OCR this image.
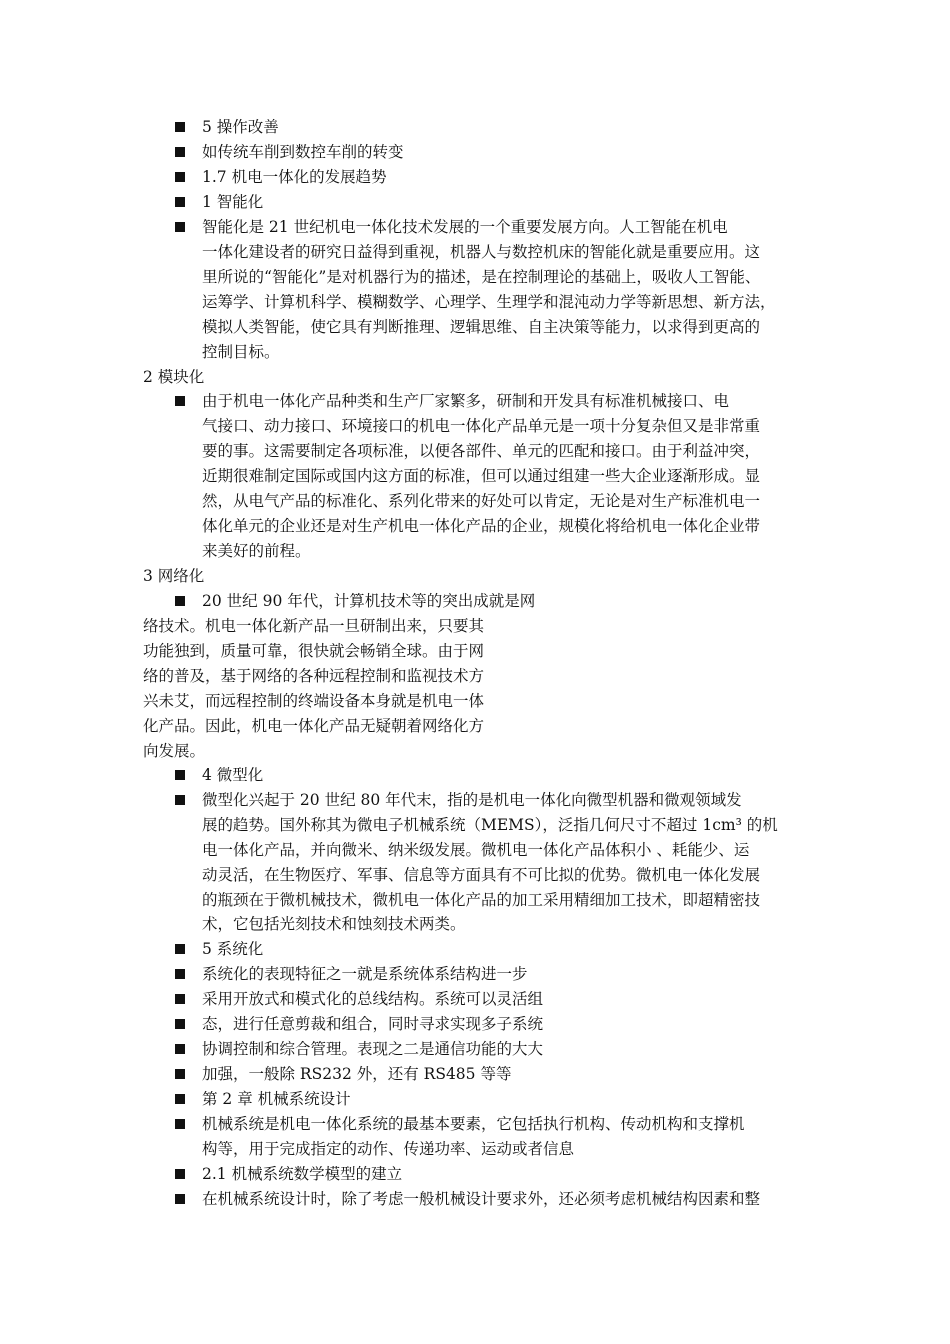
5 操作改善
如传统车削到数控车削的转变
1.7 机电一体化的发展趋势
1 智能化
智能化是 21 世纪机电一体化技术发展的一个重要发展方向。人工智能在机电
一体化建设者的研究日益得到重视，机器人与数控机床的智能化就是重要应用。这
里所说的“智能化”是对机器行为的描述，是在控制理论的基础上，吸收人工智能、
运筹学、计算机科学、模糊数学、心理学、生理学和混沌动力学等新思想、新方法，
模拟人类智能，使它具有判断推理、逻辑思维、自主决策等能力，以求得到更高的
控制目标。
2 模块化
由于机电一体化产品种类和生产厂家繁多，研制和开发具有标准机械接口、电
气接口、动力接口、环境接口的机电一体化产品单元是一项十分复杂但又是非常重
要的事。这需要制定各项标准，以便各部件、单元的匹配和接口。由于利益冲突，
近期很难制定国际或国内这方面的标准，但可以通过组建一些大企业逐渐形成。显
然，从电气产品的标准化、系列化带来的好处可以肯定，无论是对生产标准机电一
体化单元的企业还是对生产机电一体化产品的企业，规模化将给机电一体化企业带
来美好的前程。
3 网络化
20 世纪 90 年代，计算机技术等的突出成就是网
络技术。机电一体化新产品一旦研制出来，只要其
功能独到，质量可靠，很快就会畅销全球。由于网
络的普及，基于网络的各种远程控制和监视技术方
兴未艾，而远程控制的终端设备本身就是机电一体
化产品。因此，机电一体化产品无疑朝着网络化方
向发展。
4 微型化
微型化兴起于 20 世纪 80 年代末，指的是机电一体化向微型机器和微观领域发
展的趋势。国外称其为微电子机械系统（MEMS），泛指几何尺寸不超过 1cm³ 的机
电一体化产品，并向微米、纳米级发展。微机电一体化产品体积小 、耗能少、运
动灵活，在生物医疗、军事、信息等方面具有不可比拟的优势。微机电一体化发展
的瓶颈在于微机械技术，微机电一体化产品的加工采用精细加工技术，即超精密技
术，它包括光刻技术和蚀刻技术两类。
5 系统化
系统化的表现特征之一就是系统体系结构进一步
采用开放式和模式化的总线结构。系统可以灵活组
态，进行任意剪裁和组合，同时寻求实现多子系统
协调控制和综合管理。表现之二是通信功能的大大
加强，一般除 RS232 外，还有 RS485 等等
第 2 章 机械系统设计
机械系统是机电一体化系统的最基本要素，它包括执行机构、传动机构和支撑机
构等，用于完成指定的动作、传递功率、运动或者信息
2.1 机械系统数学模型的建立
在机械系统设计时，除了考虑一般机械设计要求外，还必须考虑机械结构因素和整
